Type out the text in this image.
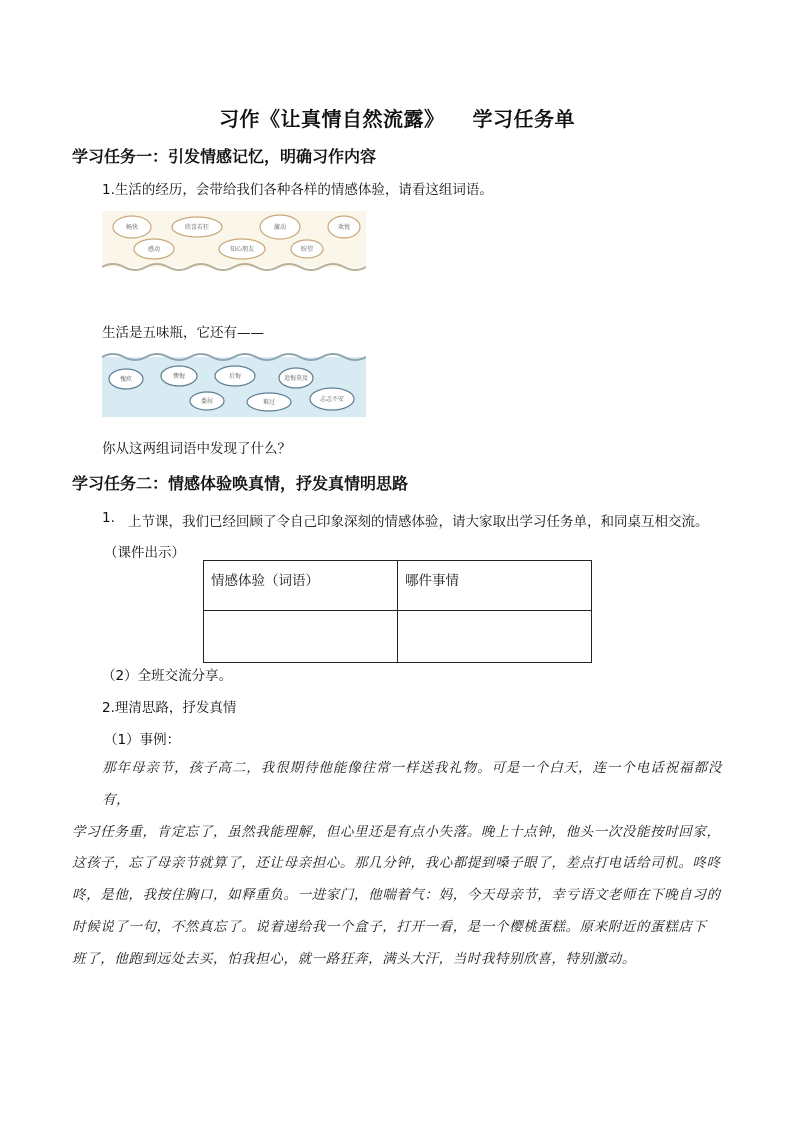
习作《让真情自然流露》 学习任务单
学习任务一：引发情感记忆，明确习作内容
1.生活的经历，会带给我们各种各样的情感体验，请看这组词语。
畅快	欣喜若狂	激动
感动	知心朋友	盼望
欢悦
生活是五味瓶，它还有——
愧疚	懊悔	后悔
委屈	难过	忐忑不安
追悔莫及
你从这两组词语中发现了什么？
学习任务二：情感体验唤真情，抒发真情明思路
1. 上节课，我们已经回顾了令自己印象深刻的情感体验，请大家取出学习任务单，和同桌互相交流。
（课件出示）
情感体验（词语）	哪件事情

（2）全班交流分享。
2.理清思路，抒发真情
（1）事例：
那年母亲节，孩子高二，我很期待他能像往常一样送我礼物。可是一个白天，连一个电话祝福都没有，
学习任务重，肯定忘了，虽然我能理解，但心里还是有点小失落。晚上十点钟，他头一次没能按时回家，
这孩子，忘了母亲节就算了，还让母亲担心。那几分钟，我心都提到嗓子眼了，差点打电话给司机。咚咚
咚，是他，我按住胸口，如释重负。一进家门，他喘着气：妈，今天母亲节，幸亏语文老师在下晚自习的
时候说了一句，不然真忘了。说着递给我一个盒子，打开一看，是一个樱桃蛋糕。原来附近的蛋糕店下
班了，他跑到远处去买，怕我担心，就一路狂奔，满头大汗，当时我特别欣喜，特别激动。
